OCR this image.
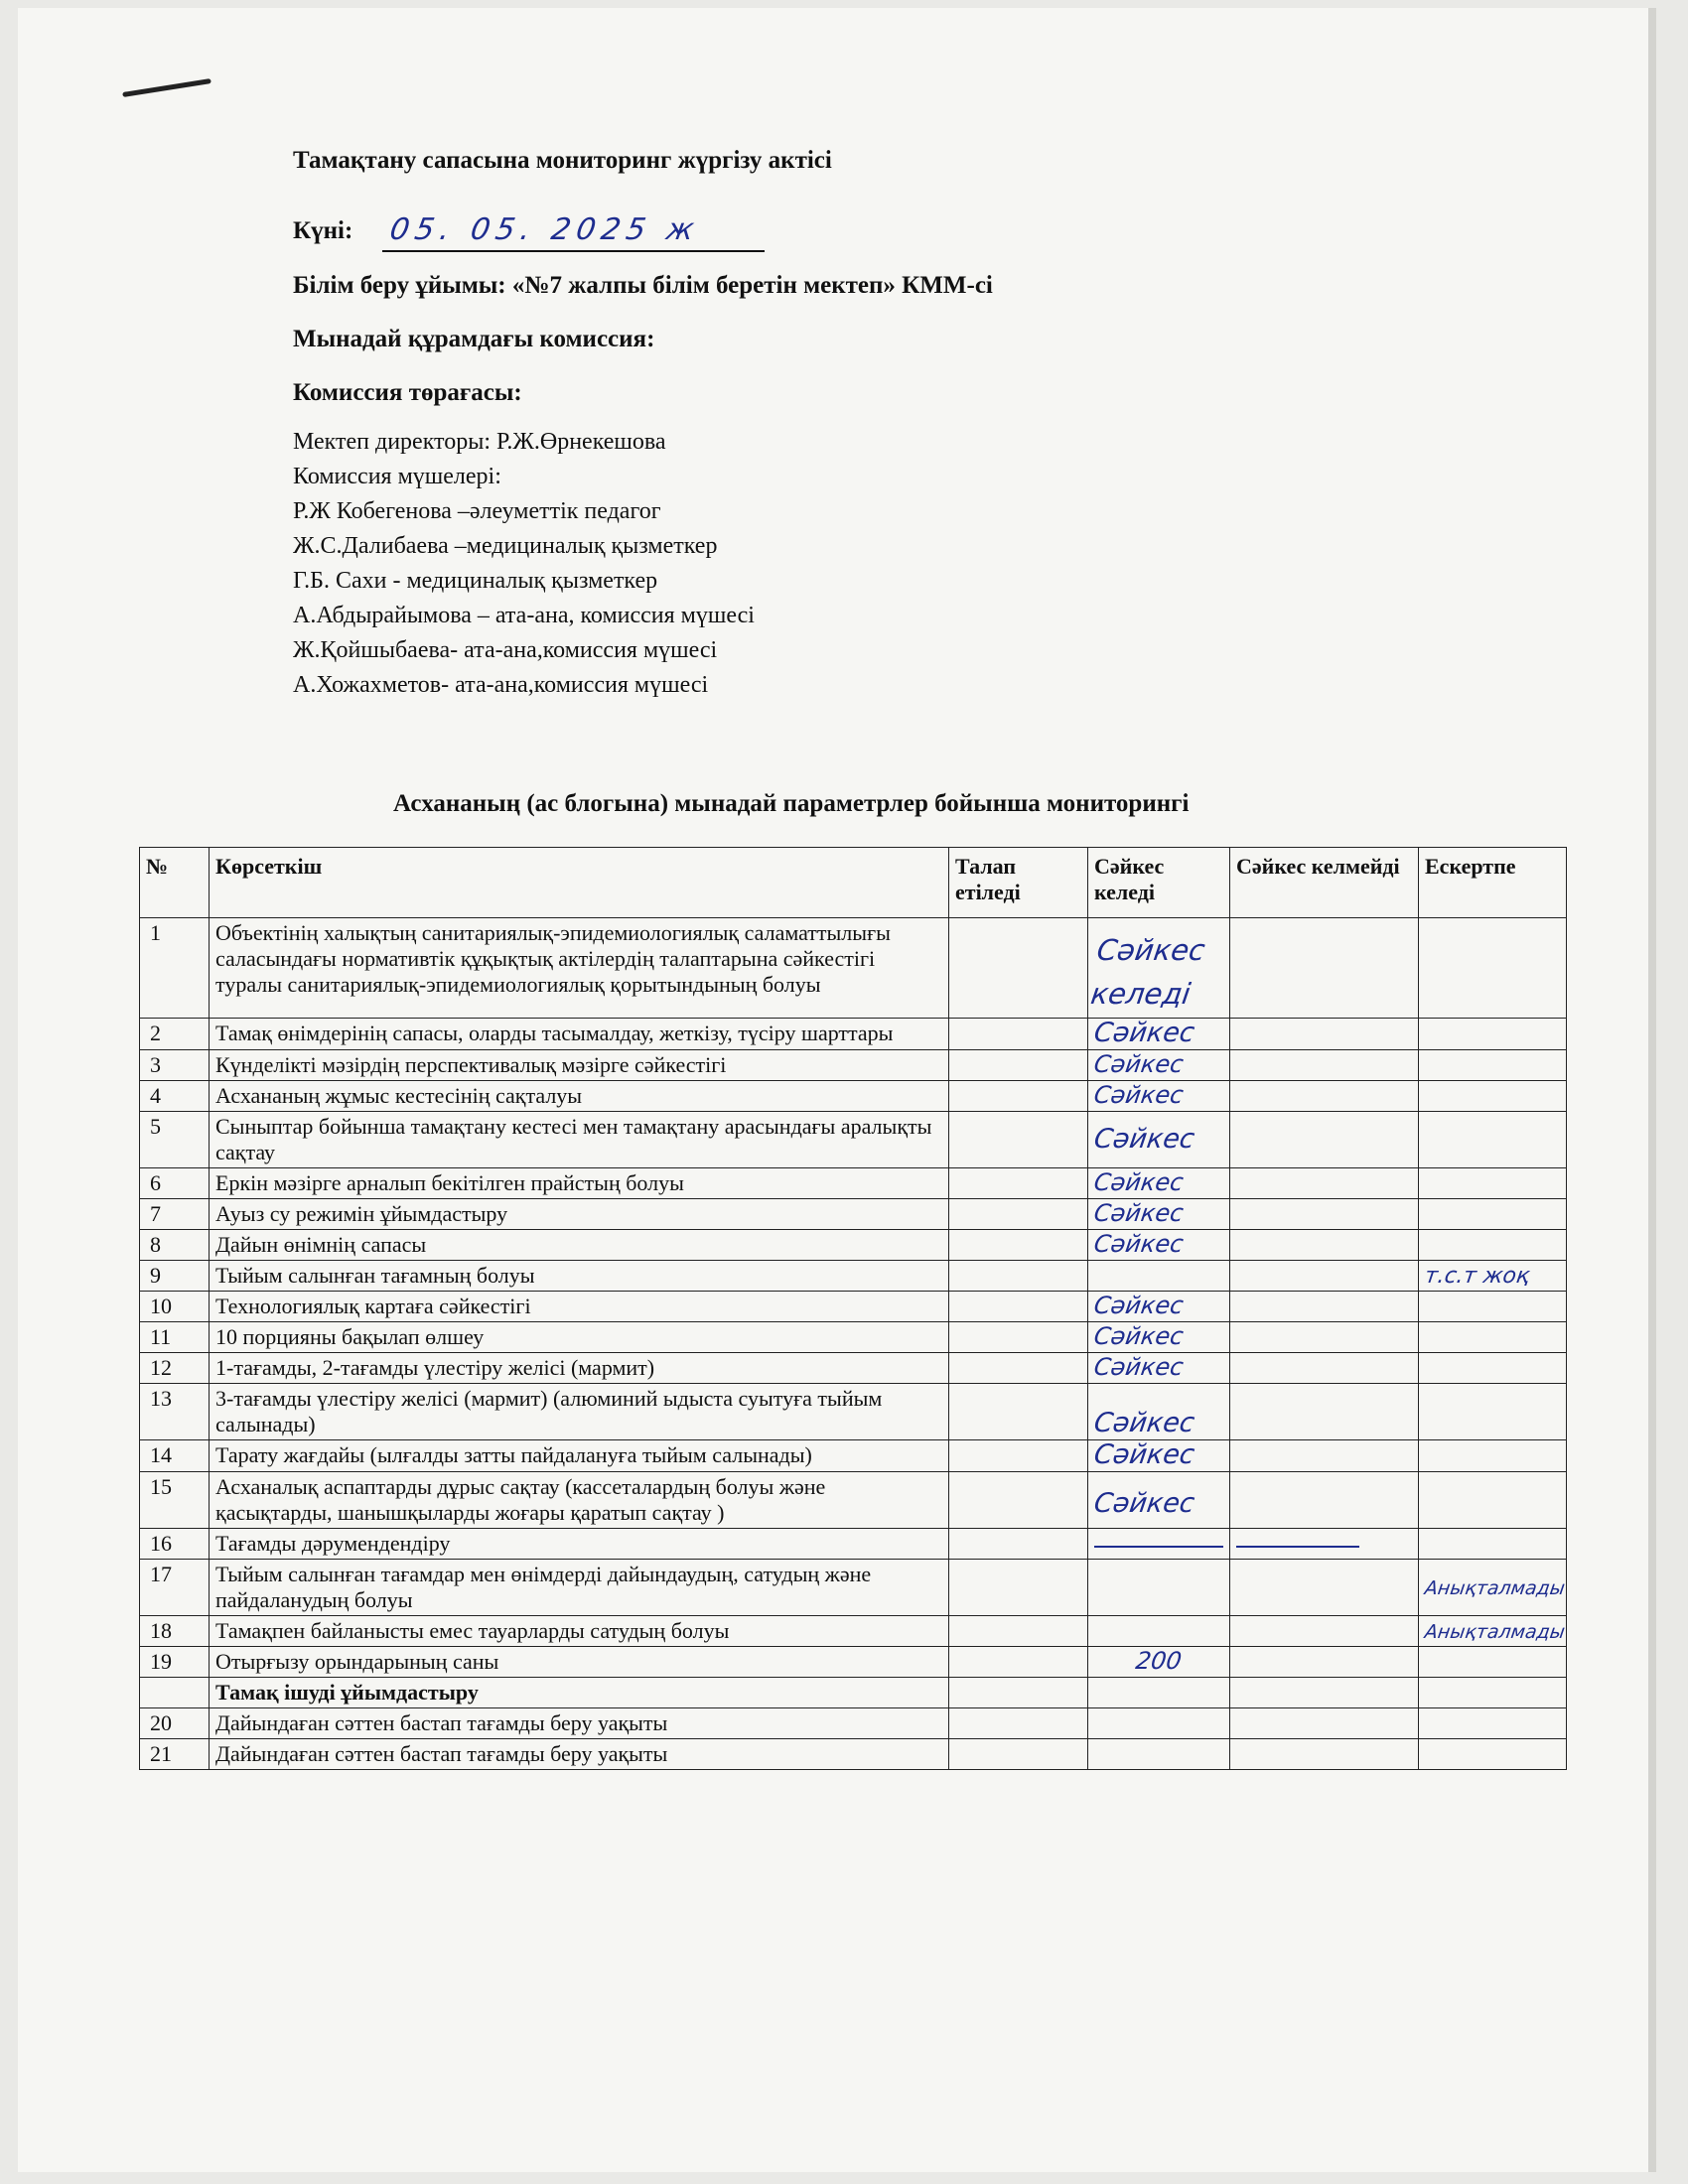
Тамақтану сапасына мониторинг жүргізу актісі
Күні: 05. 05. 2025 ж
Білім беру ұйымы: «№7 жалпы білім беретін мектеп» КММ-сі
Мынадай құрамдағы комиссия:
Комиссия төрағасы:
Мектеп директоры: Р.Ж.Өрнекешова
Комиссия мүшелері:
Р.Ж Кобегенова –әлеуметтік педагог
Ж.С.Далибаева –медициналық қызметкер
Г.Б. Сахи - медициналық қызметкер
А.Абдырайымова – ата-ана, комиссия мүшесі
Ж.Қойшыбаева- ата-ана,комиссия мүшесі
А.Хожахметов- ата-ана,комиссия мүшесі
Асхананың (ас блогына) мынадай параметрлер бойынша мониторингі
№	Көрсеткіш	Талап етіледі	Сәйкес келеді	Сәйкес келмейді	Ескертпе
1	Объектінің халықтың санитариялық-эпидемиологиялық саламаттылығы саласындағы нормативтік құқықтық актілердің талаптарына сәйкестігі туралы санитариялық-эпидемиологиялық қорытындының болуы		Сәйкес келеді		
2	Тамақ өнімдерінің сапасы, оларды тасымалдау, жеткізу, түсіру шарттары		Сәйкес		
3	Күнделікті мәзірдің перспективалық мәзірге сәйкестігі		Сәйкес		
4	Асхананың жұмыс кестесінің сақталуы		Сәйкес		
5	Сыныптар бойынша тамақтану кестесі мен тамақтану арасындағы аралықты сақтау		Сәйкес		
6	Еркін мәзірге арналып бекітілген прайстың болуы		Сәйкес		
7	Ауыз су режимін ұйымдастыру		Сәйкес		
8	Дайын өнімнің сапасы		Сәйкес		
9	Тыйым салынған тағамның болуы				т.с.т жоқ
10	Технологиялық картаға сәйкестігі		Сәйкес		
11	10 порцияны бақылап өлшеу		Сәйкес		
12	1-тағамды, 2-тағамды үлестіру желісі (мармит)		Сәйкес		
13	3-тағамды үлестіру желісі (мармит) (алюминий ыдыста суытуға тыйым салынады)		Сәйкес		
14	Тарату жағдайы (ылғалды затты пайдалануға тыйым салынады)		Сәйкес		
15	Асханалық аспаптарды дұрыс сақтау (кассеталардың болуы және қасықтарды, шанышқыларды жоғары қаратып сақтау )		Сәйкес		
16	Тағамды дәрумендендіру		

17	Тыйым салынған тағамдар мен өнімдерді дайындаудың, сатудың және пайдаланудың болуы				Анықталмады
18	Тамақпен байланысты емес тауарларды сатудың болуы				Анықталмады
19	Отырғызу орындарының саны		200		
	Тамақ ішуді ұйымдастыру				
20	Дайындаған сәттен бастап тағамды беру уақыты				
21	Дайындаған сәттен бастап тағамды беру уақыты				
